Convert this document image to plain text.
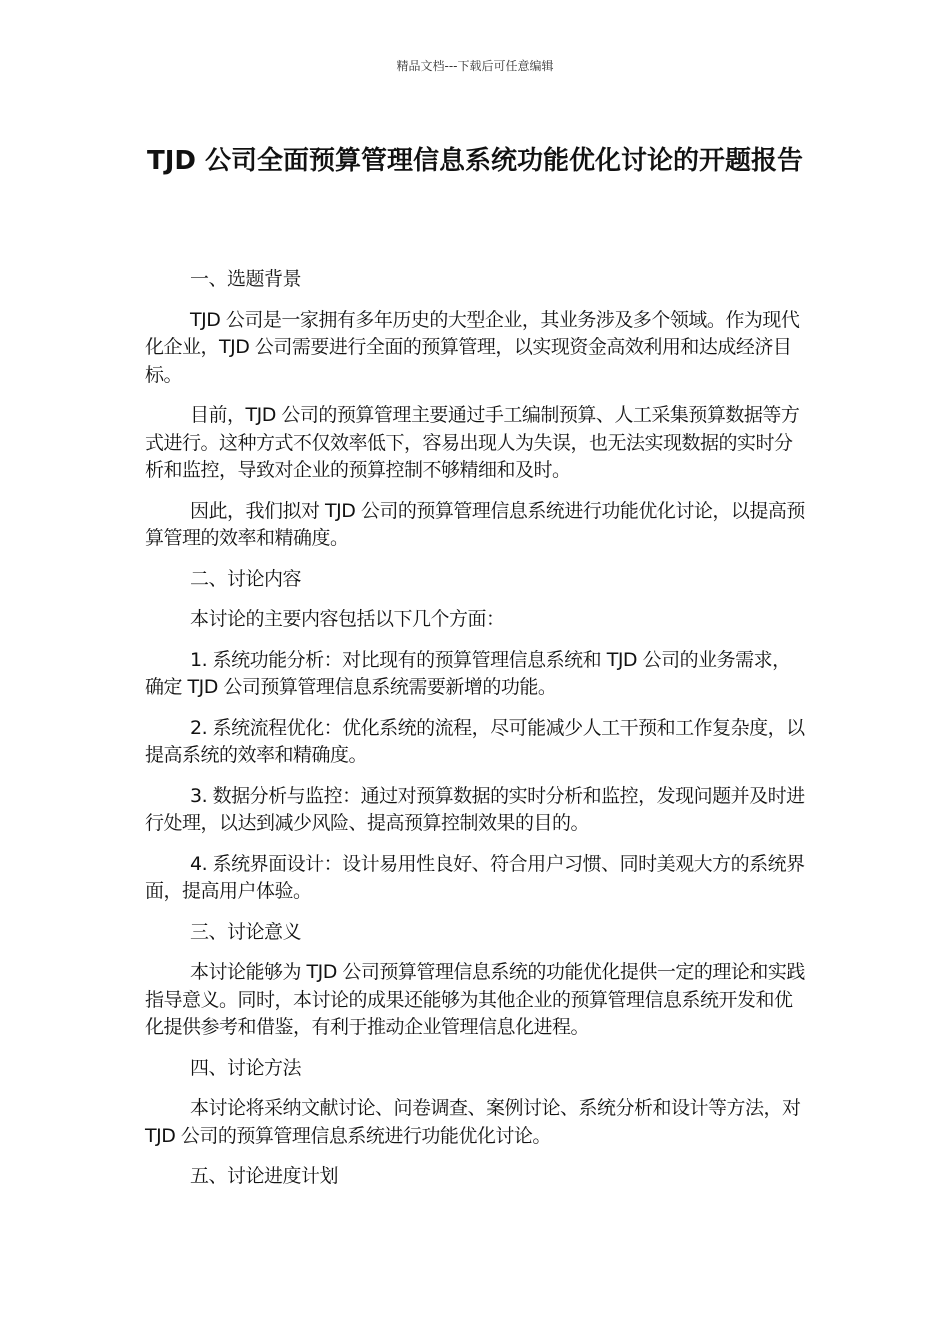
精品文档---下载后可任意编辑
TJD 公司全面预算管理信息系统功能优化讨论的开题报告

一、选题背景

TJD 公司是一家拥有多年历史的大型企业，其业务涉及多个领域。作为现代化企业，TJD 公司需要进行全面的预算管理，以实现资金高效利用和达成经济目标。

目前，TJD 公司的预算管理主要通过手工编制预算、人工采集预算数据等方式进行。这种方式不仅效率低下，容易出现人为失误，也无法实现数据的实时分析和监控，导致对企业的预算控制不够精细和及时。

因此，我们拟对 TJD 公司的预算管理信息系统进行功能优化讨论，以提高预算管理的效率和精确度。

二、讨论内容

本讨论的主要内容包括以下几个方面：

1. 系统功能分析：对比现有的预算管理信息系统和 TJD 公司的业务需求，确定 TJD 公司预算管理信息系统需要新增的功能。

2. 系统流程优化：优化系统的流程，尽可能减少人工干预和工作复杂度，以提高系统的效率和精确度。

3. 数据分析与监控：通过对预算数据的实时分析和监控，发现问题并及时进行处理，以达到减少风险、提高预算控制效果的目的。

4. 系统界面设计：设计易用性良好、符合用户习惯、同时美观大方的系统界面，提高用户体验。

三、讨论意义

本讨论能够为 TJD 公司预算管理信息系统的功能优化提供一定的理论和实践指导意义。同时，本讨论的成果还能够为其他企业的预算管理信息系统开发和优化提供参考和借鉴，有利于推动企业管理信息化进程。

四、讨论方法

本讨论将采纳文献讨论、问卷调查、案例讨论、系统分析和设计等方法，对 TJD 公司的预算管理信息系统进行功能优化讨论。

五、讨论进度计划
